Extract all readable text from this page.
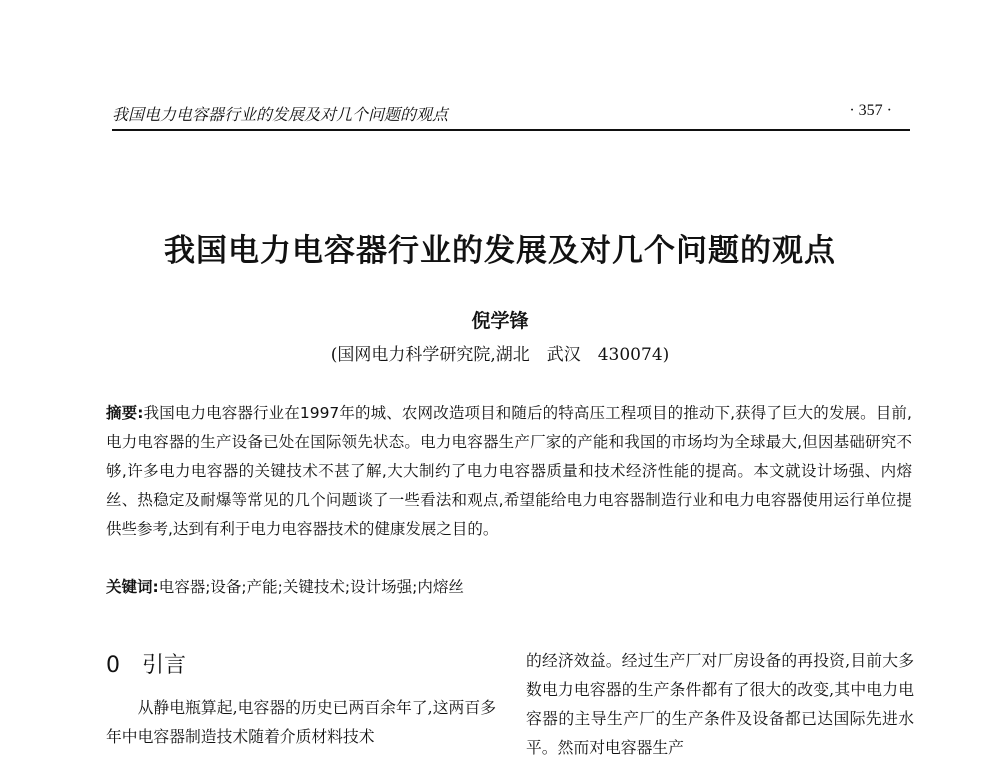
我国电力电容器行业的发展及对几个问题的观点	· 357 ·
我国电力电容器行业的发展及对几个问题的观点
倪学锋
(国网电力科学研究院,湖北　武汉　430074)
摘要:我国电力电容器行业在1997年的城、农网改造项目和随后的特高压工程项目的推动下,获得了巨大的发展。目前,电力电容器的生产设备已处在国际领先状态。电力电容器生产厂家的产能和我国的市场均为全球最大,但因基础研究不够,许多电力电容器的关键技术不甚了解,大大制约了电力电容器质量和技术经济性能的提高。本文就设计场强、内熔丝、热稳定及耐爆等常见的几个问题谈了一些看法和观点,希望能给电力电容器制造行业和电力电容器使用运行单位提供些参考,达到有利于电力电容器技术的健康发展之目的。
关键词:电容器;设备;产能;关键技术;设计场强;内熔丝
0 引言
从静电瓶算起,电容器的历史已两百余年了,这两百多年中电容器制造技术随着介质材料技术
的经济效益。经过生产厂对厂房设备的再投资,目前大多数电力电容器的生产条件都有了很大的改变,其中电力电容器的主导生产厂的生产条件及设备都已达国际先进水平。然而对电容器生产
